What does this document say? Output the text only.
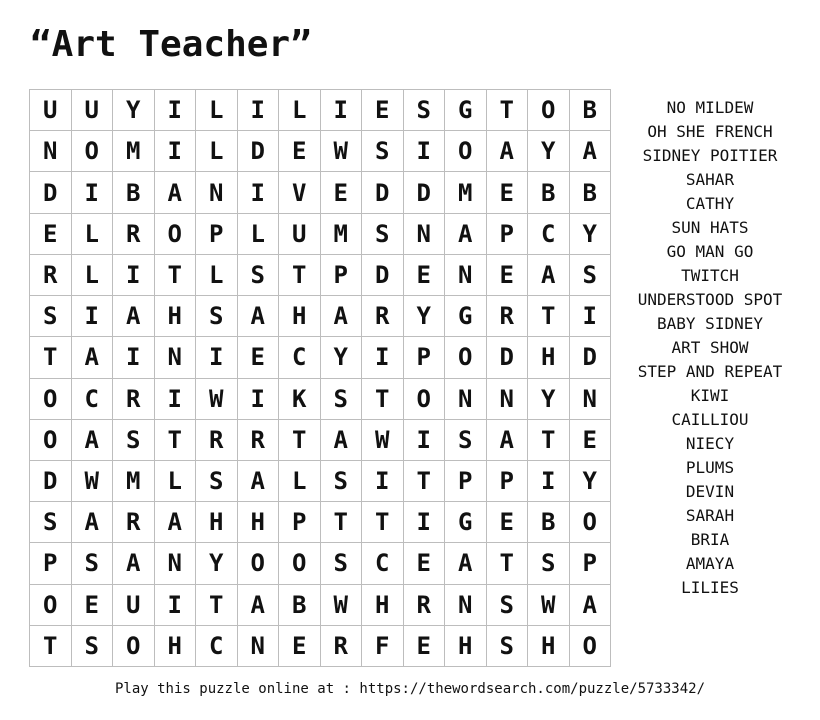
“Art Teacher”
U	U	Y	I	L	I	L	I	E	S	G	T	O	B
N	O	M	I	L	D	E	W	S	I	O	A	Y	A
D	I	B	A	N	I	V	E	D	D	M	E	B	B
E	L	R	O	P	L	U	M	S	N	A	P	C	Y
R	L	I	T	L	S	T	P	D	E	N	E	A	S
S	I	A	H	S	A	H	A	R	Y	G	R	T	I
T	A	I	N	I	E	C	Y	I	P	O	D	H	D
O	C	R	I	W	I	K	S	T	O	N	N	Y	N
O	A	S	T	R	R	T	A	W	I	S	A	T	E
D	W	M	L	S	A	L	S	I	T	P	P	I	Y
S	A	R	A	H	H	P	T	T	I	G	E	B	O
P	S	A	N	Y	O	O	S	C	E	A	T	S	P
O	E	U	I	T	A	B	W	H	R	N	S	W	A
T	S	O	H	C	N	E	R	F	E	H	S	H	O
NO MILDEW
OH SHE FRENCH
SIDNEY POITIER
SAHAR
CATHY
SUN HATS
GO MAN GO
TWITCH
UNDERSTOOD SPOT
BABY SIDNEY
ART SHOW
STEP AND REPEAT
KIWI
CAILLIOU
NIECY
PLUMS
DEVIN
SARAH
BRIA
AMAYA
LILIES
Play this puzzle online at : https://thewordsearch.com/puzzle/5733342/
